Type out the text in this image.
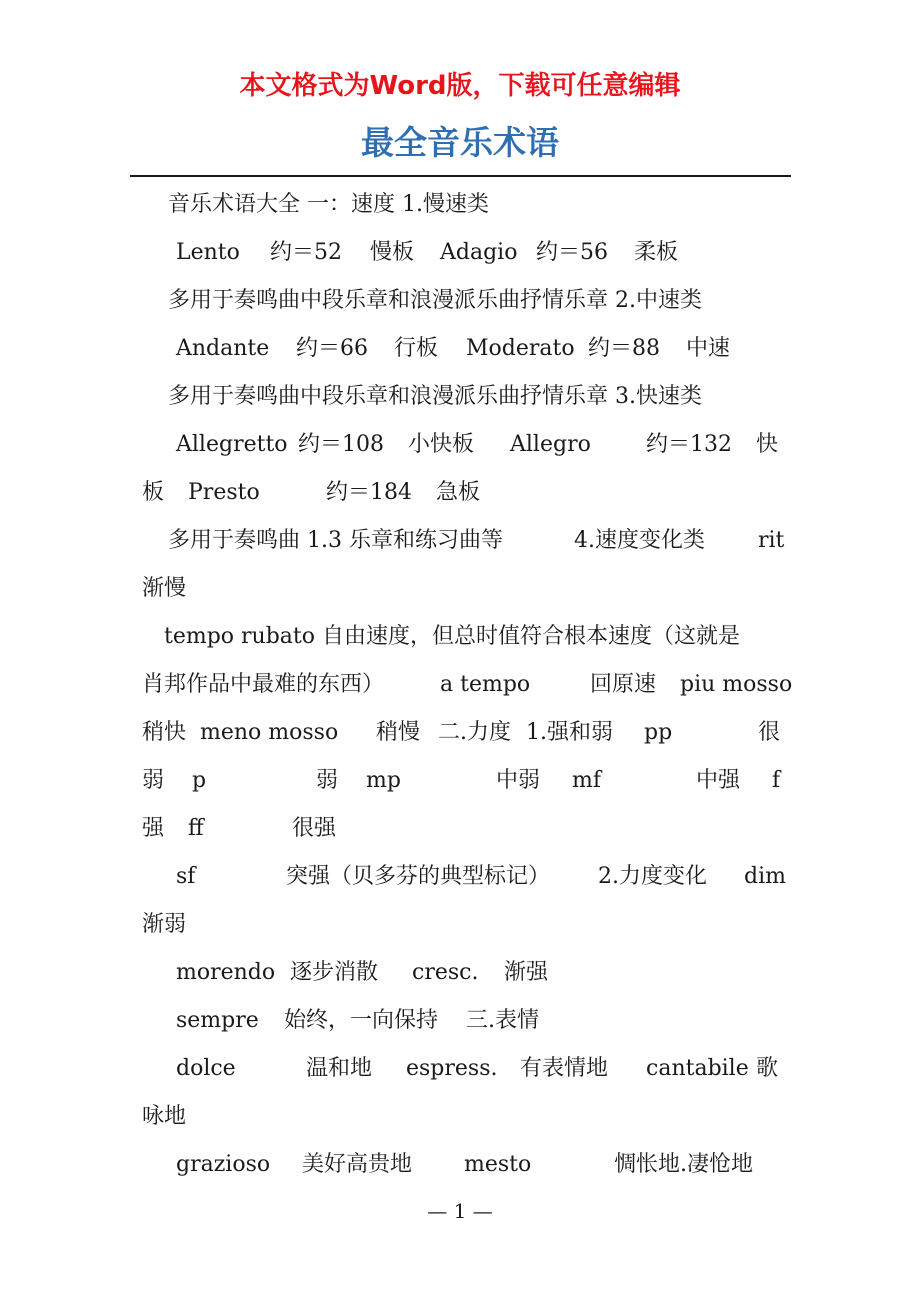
本文格式为Word版，下载可任意编辑
最全音乐术语
音乐术语大全 一：速度 1.慢速类
Lento 约＝52 慢板 Adagio 约＝56 柔板
多用于奏鸣曲中段乐章和浪漫派乐曲抒情乐章 2.中速类
Andante 约＝66 行板 Moderato 约＝88 中速
多用于奏鸣曲中段乐章和浪漫派乐曲抒情乐章 3.快速类
Allegretto 约＝108 小快板 Allegro	约＝132 快
板 Presto	约＝184 急板
多用于奏鸣曲 1.3 乐章和练习曲等	4.速度变化类 rit
渐慢
tempo rubato 自由速度，但总时值符合根本速度（这就是
肖邦作品中最难的东西）	a tempo	回原速 piu mosso
稍快 meno mosso 稍慢 二.力度 1.强和弱 pp	很
弱 p	弱 mp	中弱 mf	中强 f
强 ff	很强
sf	突强（贝多芬的典型标记） 2.力度变化 dim
渐弱
morendo 逐步消散 cresc. 渐强
sempre 始终，一向保持 三.表情
dolce	温和地 espress. 有表情地 cantabile 歌
咏地
grazioso 美好高贵地 mesto	惆怅地.凄怆地
— 1 —
